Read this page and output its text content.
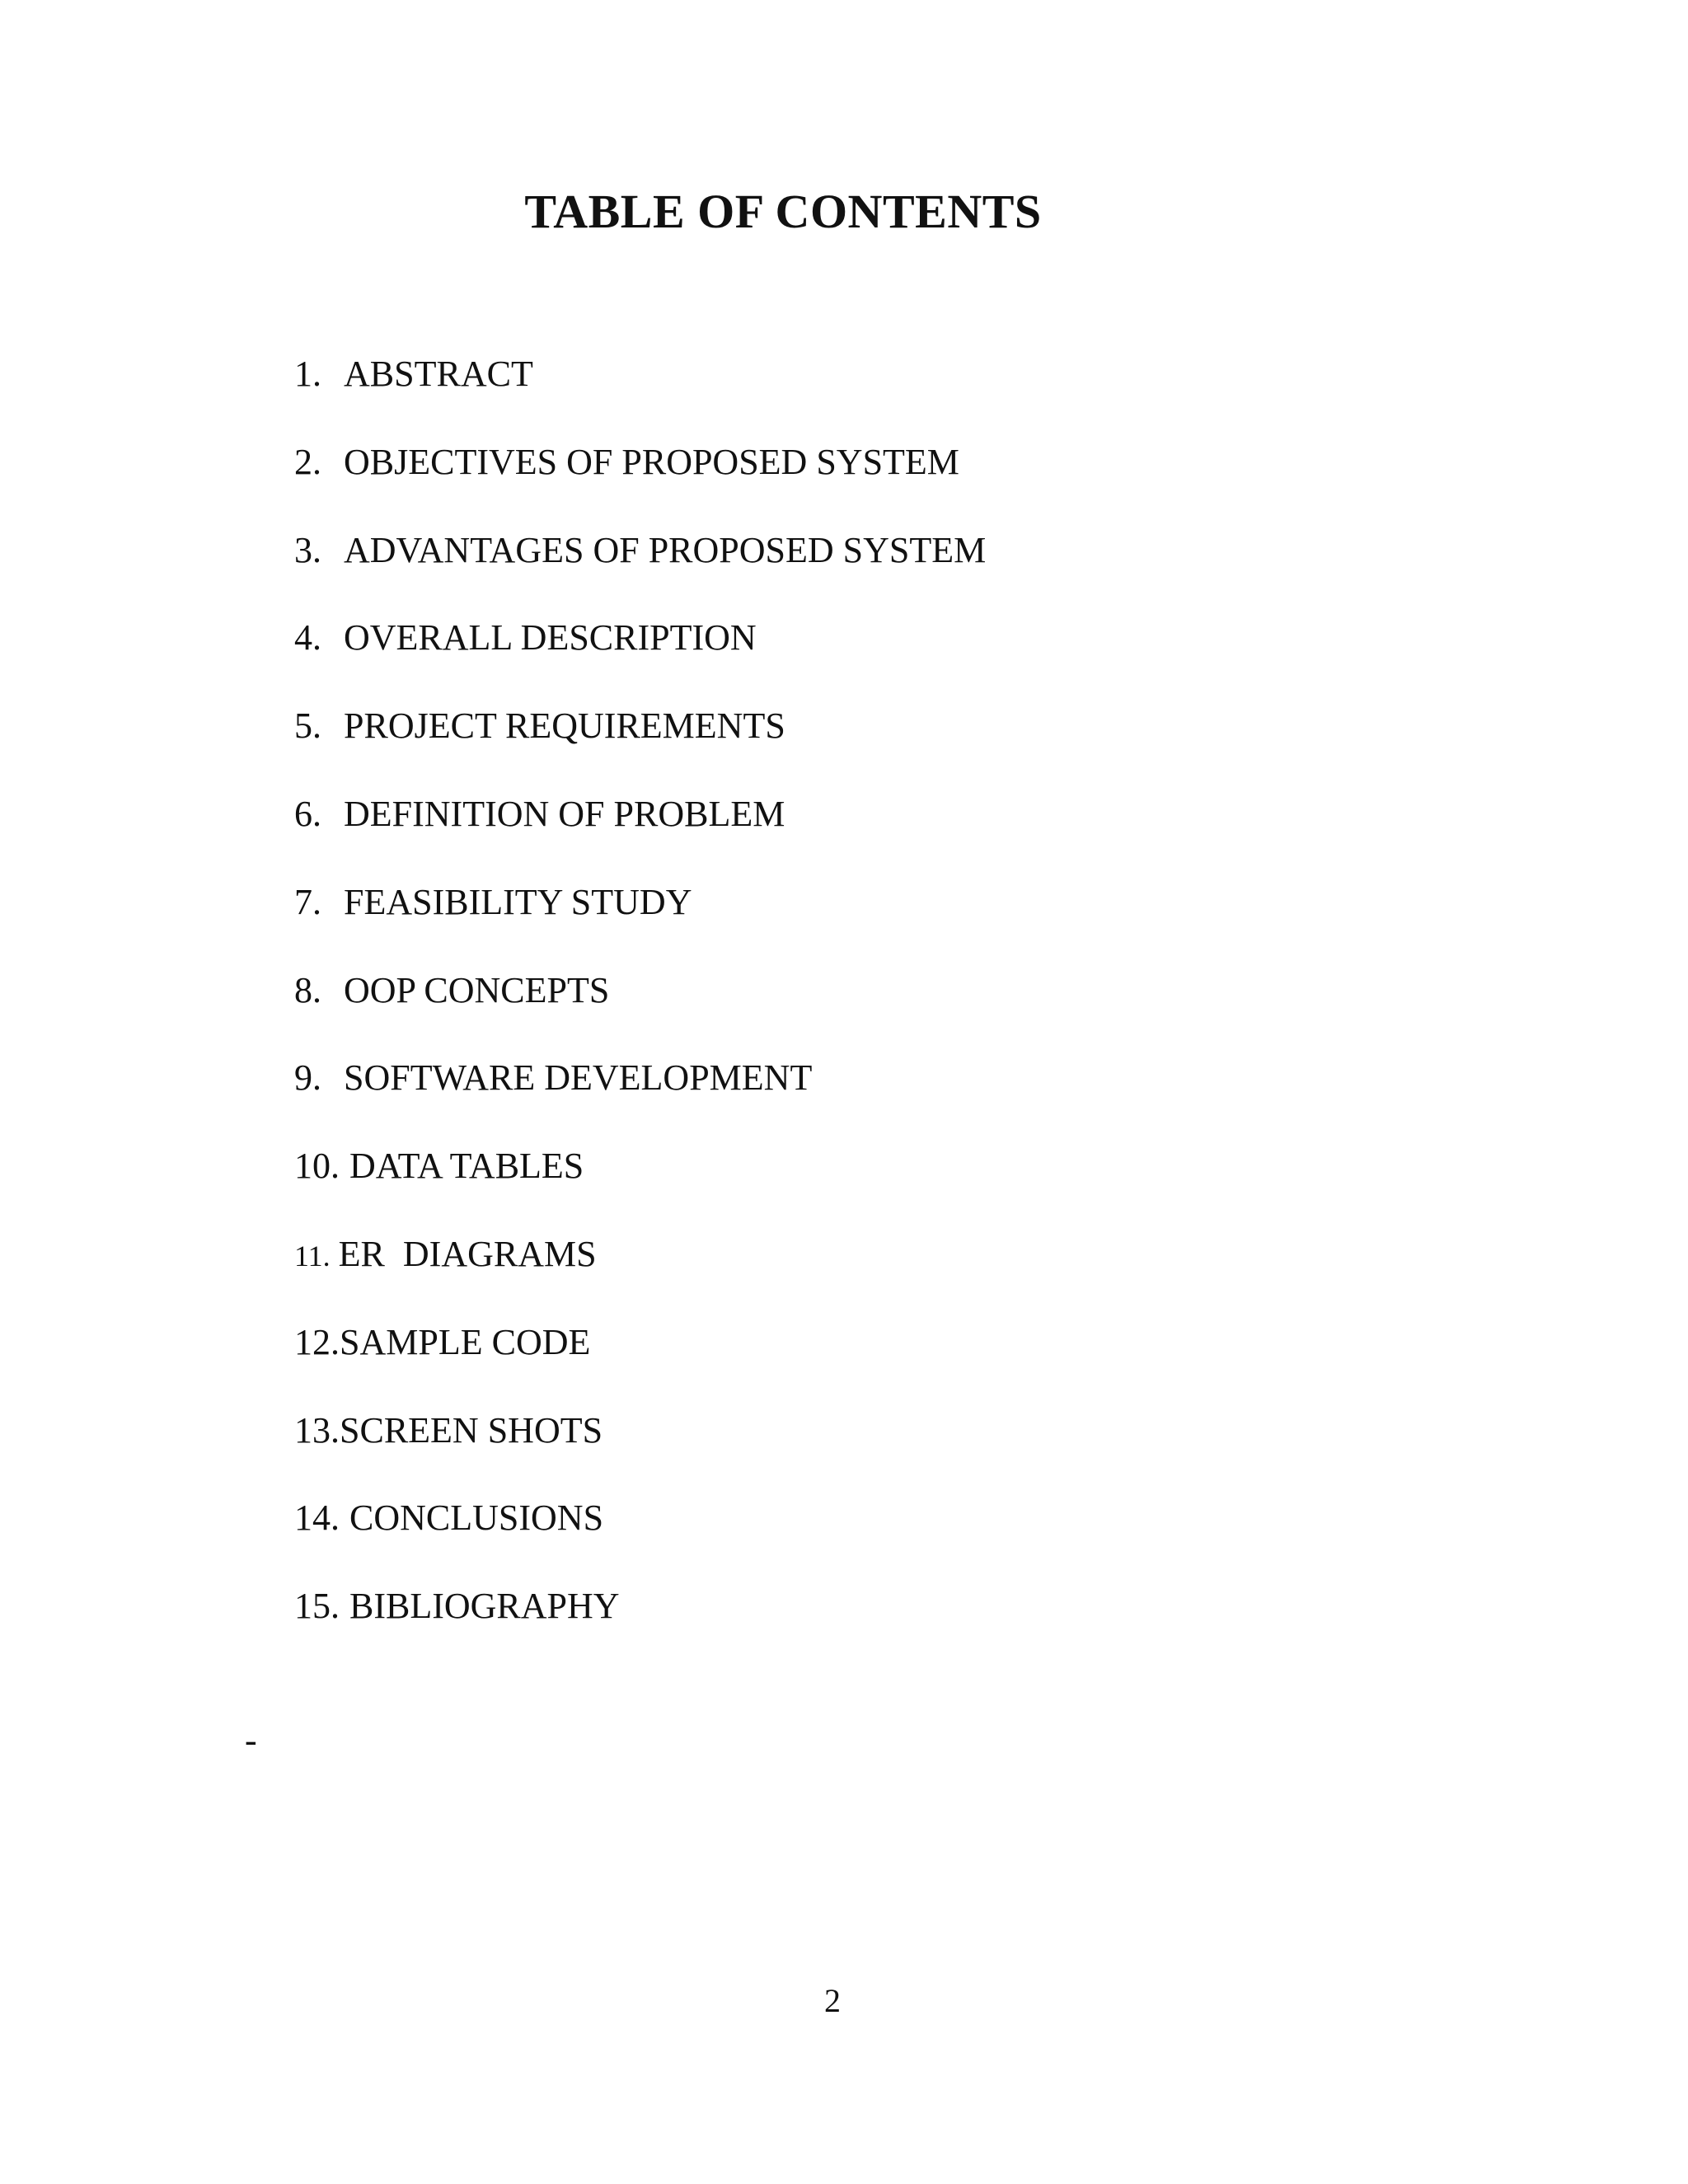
TABLE OF CONTENTS
1. ABSTRACT
2. OBJECTIVES OF PROPOSED SYSTEM
3. ADVANTAGES OF PROPOSED SYSTEM
4. OVERALL DESCRIPTION
5. PROJECT REQUIREMENTS
6. DEFINITION OF PROBLEM
7. FEASIBILITY STUDY
8. OOP CONCEPTS
9. SOFTWARE DEVELOPMENT
10. DATA TABLES
11. ER  DIAGRAMS
12.SAMPLE CODE
13.SCREEN SHOTS
14. CONCLUSIONS
15. BIBLIOGRAPHY
-
2
